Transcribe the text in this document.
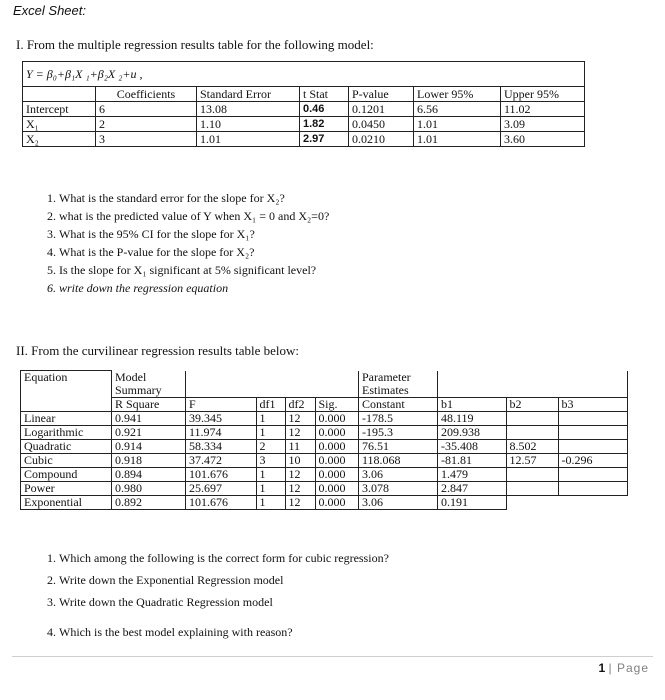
Excel Sheet:
I. From the multiple regression results table for the following model:
Y = β₀+β₁X ₁+β₂X ₂+u ,						
	Coefficients	Standard Error	t Stat	P-value	Lower 95%	Upper 95%
Intercept	6	13.08	0.46	0.1201	6.56	11.02
X₁	2	1.10	1.82	0.0450	1.01	3.09
X₂	3	1.01	2.97	0.0210	1.01	3.60
1. What is the standard error for the slope for X₂?
2. what is the predicted value of Y when X₁ = 0 and X₂=0?
3. What is the 95% CI for the slope for X₁?
4. What is the P-value for the slope for X₂?
5. Is the slope for X₁ significant at 5% significant level?
6. write down the regression equation
II. From the curvilinear regression results table below:
Equation	Model					Parameter			
	Summary					Estimates			
	R Square	F	df1	df2	Sig.	Constant	b1	b2	b3
Linear	0.941	39.345	1	12	0.000	-178.5	48.119		
Logarithmic	0.921	11.974	1	12	0.000	-195.3	209.938		
Quadratic	0.914	58.334	2	11	0.000	76.51	-35.408	8.502	
Cubic	0.918	37.472	3	10	0.000	118.068	-81.81	12.57	-0.296
Compound	0.894	101.676	1	12	0.000	3.06	1.479		
Power	0.980	25.697	1	12	0.000	3.078	2.847		
Exponential	0.892	101.676	1	12	0.000	3.06	0.191		
1. Which among the following is the correct form for cubic regression?
2. Write down the Exponential Regression model
3. Write down the Quadratic Regression model
4. Which is the best model explaining with reason?
1 | Page
